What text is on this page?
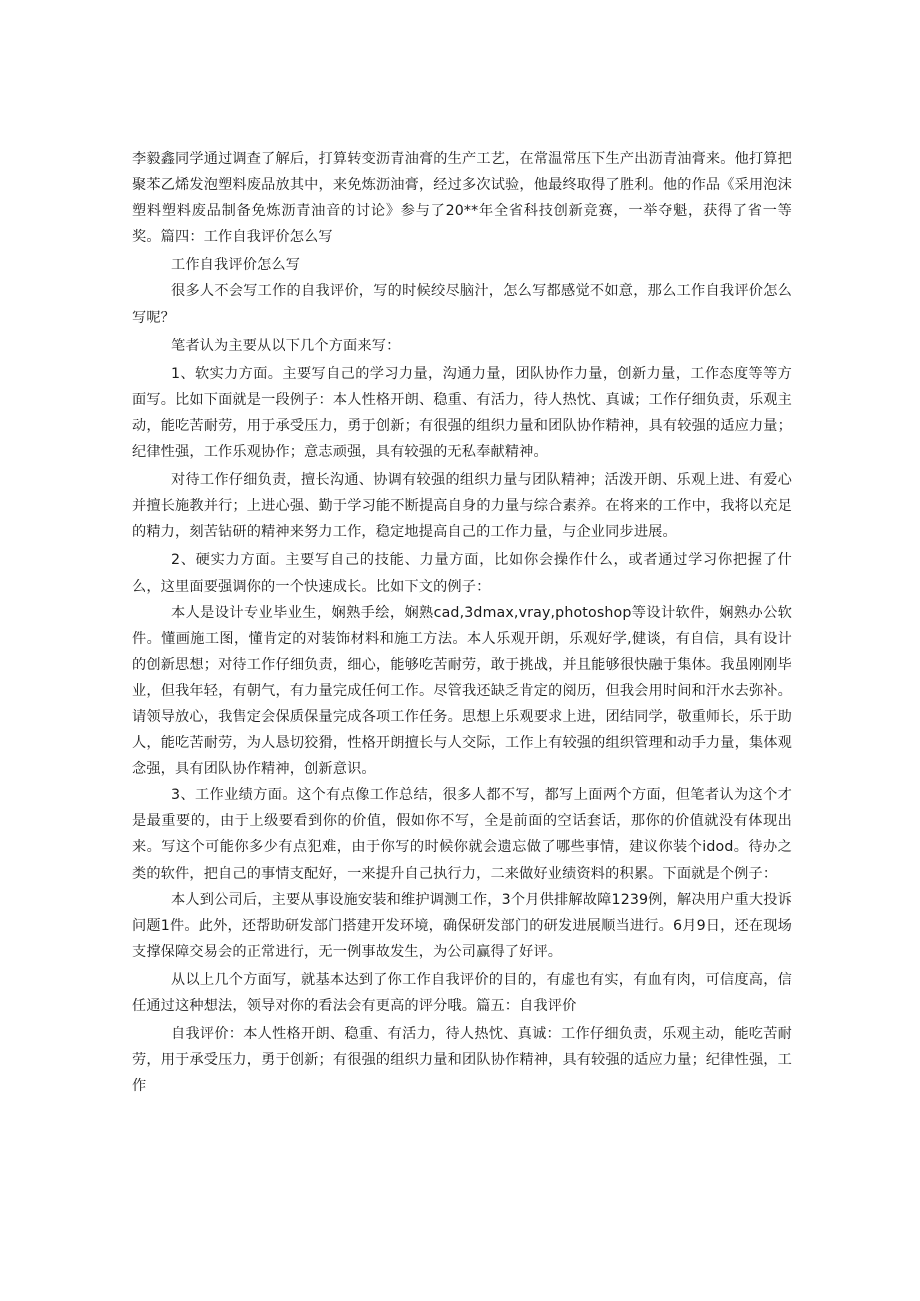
李毅鑫同学通过调查了解后，打算转变沥青油膏的生产工艺，在常温常压下生产出沥青油膏来。他打算把聚苯乙烯发泡塑料废品放其中，来免炼沥油膏，经过多次试验，他最终取得了胜利。他的作品《采用泡沫塑料塑料废品制备免炼沥青油音的讨论》参与了20**年全省科技创新竞赛，一举夺魁，获得了省一等奖。篇四：工作自我评价怎么写

工作自我评价怎么写

很多人不会写工作的自我评价，写的时候绞尽脑汁，怎么写都感觉不如意，那么工作自我评价怎么写呢？

笔者认为主要从以下几个方面来写：

1、软实力方面。主要写自己的学习力量，沟通力量，团队协作力量，创新力量，工作态度等等方面写。比如下面就是一段例子：本人性格开朗、稳重、有活力，待人热忱、真诚；工作仔细负责，乐观主动，能吃苦耐劳，用于承受压力，勇于创新；有很强的组织力量和团队协作精神，具有较强的适应力量；纪律性强，工作乐观协作；意志顽强，具有较强的无私奉献精神。

对待工作仔细负责，擅长沟通、协调有较强的组织力量与团队精神；活泼开朗、乐观上进、有爱心并擅长施教并行；上进心强、勤于学习能不断提高自身的力量与综合素养。在将来的工作中，我将以充足的精力，刻苦钻研的精神来努力工作，稳定地提高自己的工作力量，与企业同步进展。

2、硬实力方面。主要写自己的技能、力量方面，比如你会操作什么，或者通过学习你把握了什么，这里面要强调你的一个快速成长。比如下文的例子：

本人是设计专业毕业生，娴熟手绘，娴熟cad,3dmax,vray,photoshop等设计软件，娴熟办公软件。懂画施工图，懂肯定的对装饰材料和施工方法。本人乐观开朗，乐观好学,健谈，有自信，具有设计的创新思想；对待工作仔细负责，细心，能够吃苦耐劳，敢于挑战，并且能够很快融于集体。我虽刚刚毕业，但我年轻，有朝气，有力量完成任何工作。尽管我还缺乏肯定的阅历，但我会用时间和汗水去弥补。请领导放心，我售定会保质保量完成各项工作任务。思想上乐观要求上进，团结同学，敬重师长，乐于助人，能吃苦耐劳，为人恳切狡猾，性格开朗擅长与人交际，工作上有较强的组织管理和动手力量，集体观念强，具有团队协作精神，创新意识。

3、工作业绩方面。这个有点像工作总结，很多人都不写，都写上面两个方面，但笔者认为这个才是最重要的，由于上级要看到你的价值，假如你不写，全是前面的空话套话，那你的价值就没有体现出来。写这个可能你多少有点犯难，由于你写的时候你就会遗忘做了哪些事情，建议你装个idod。待办之类的软件，把自己的事情支配好，一来提升自己执行力，二来做好业绩资料的积累。下面就是个例子：

本人到公司后，主要从事设施安装和维护调测工作，3个月供排解故障1239例，解决用户重大投诉问题1件。此外，还帮助研发部门搭建开发环境，确保研发部门的研发进展顺当进行。6月9日，还在现场支撑保障交易会的正常进行，无一例事故发生，为公司赢得了好评。

从以上几个方面写，就基本达到了你工作自我评价的目的，有虚也有实，有血有肉，可信度高，信任通过这种想法，领导对你的看法会有更高的评分哦。篇五：自我评价

自我评价：本人性格开朗、稳重、有活力，待人热忱、真诚：工作仔细负责，乐观主动，能吃苦耐劳，用于承受压力，勇于创新；有很强的组织力量和团队协作精神，具有较强的适应力量；纪律性强，工作
